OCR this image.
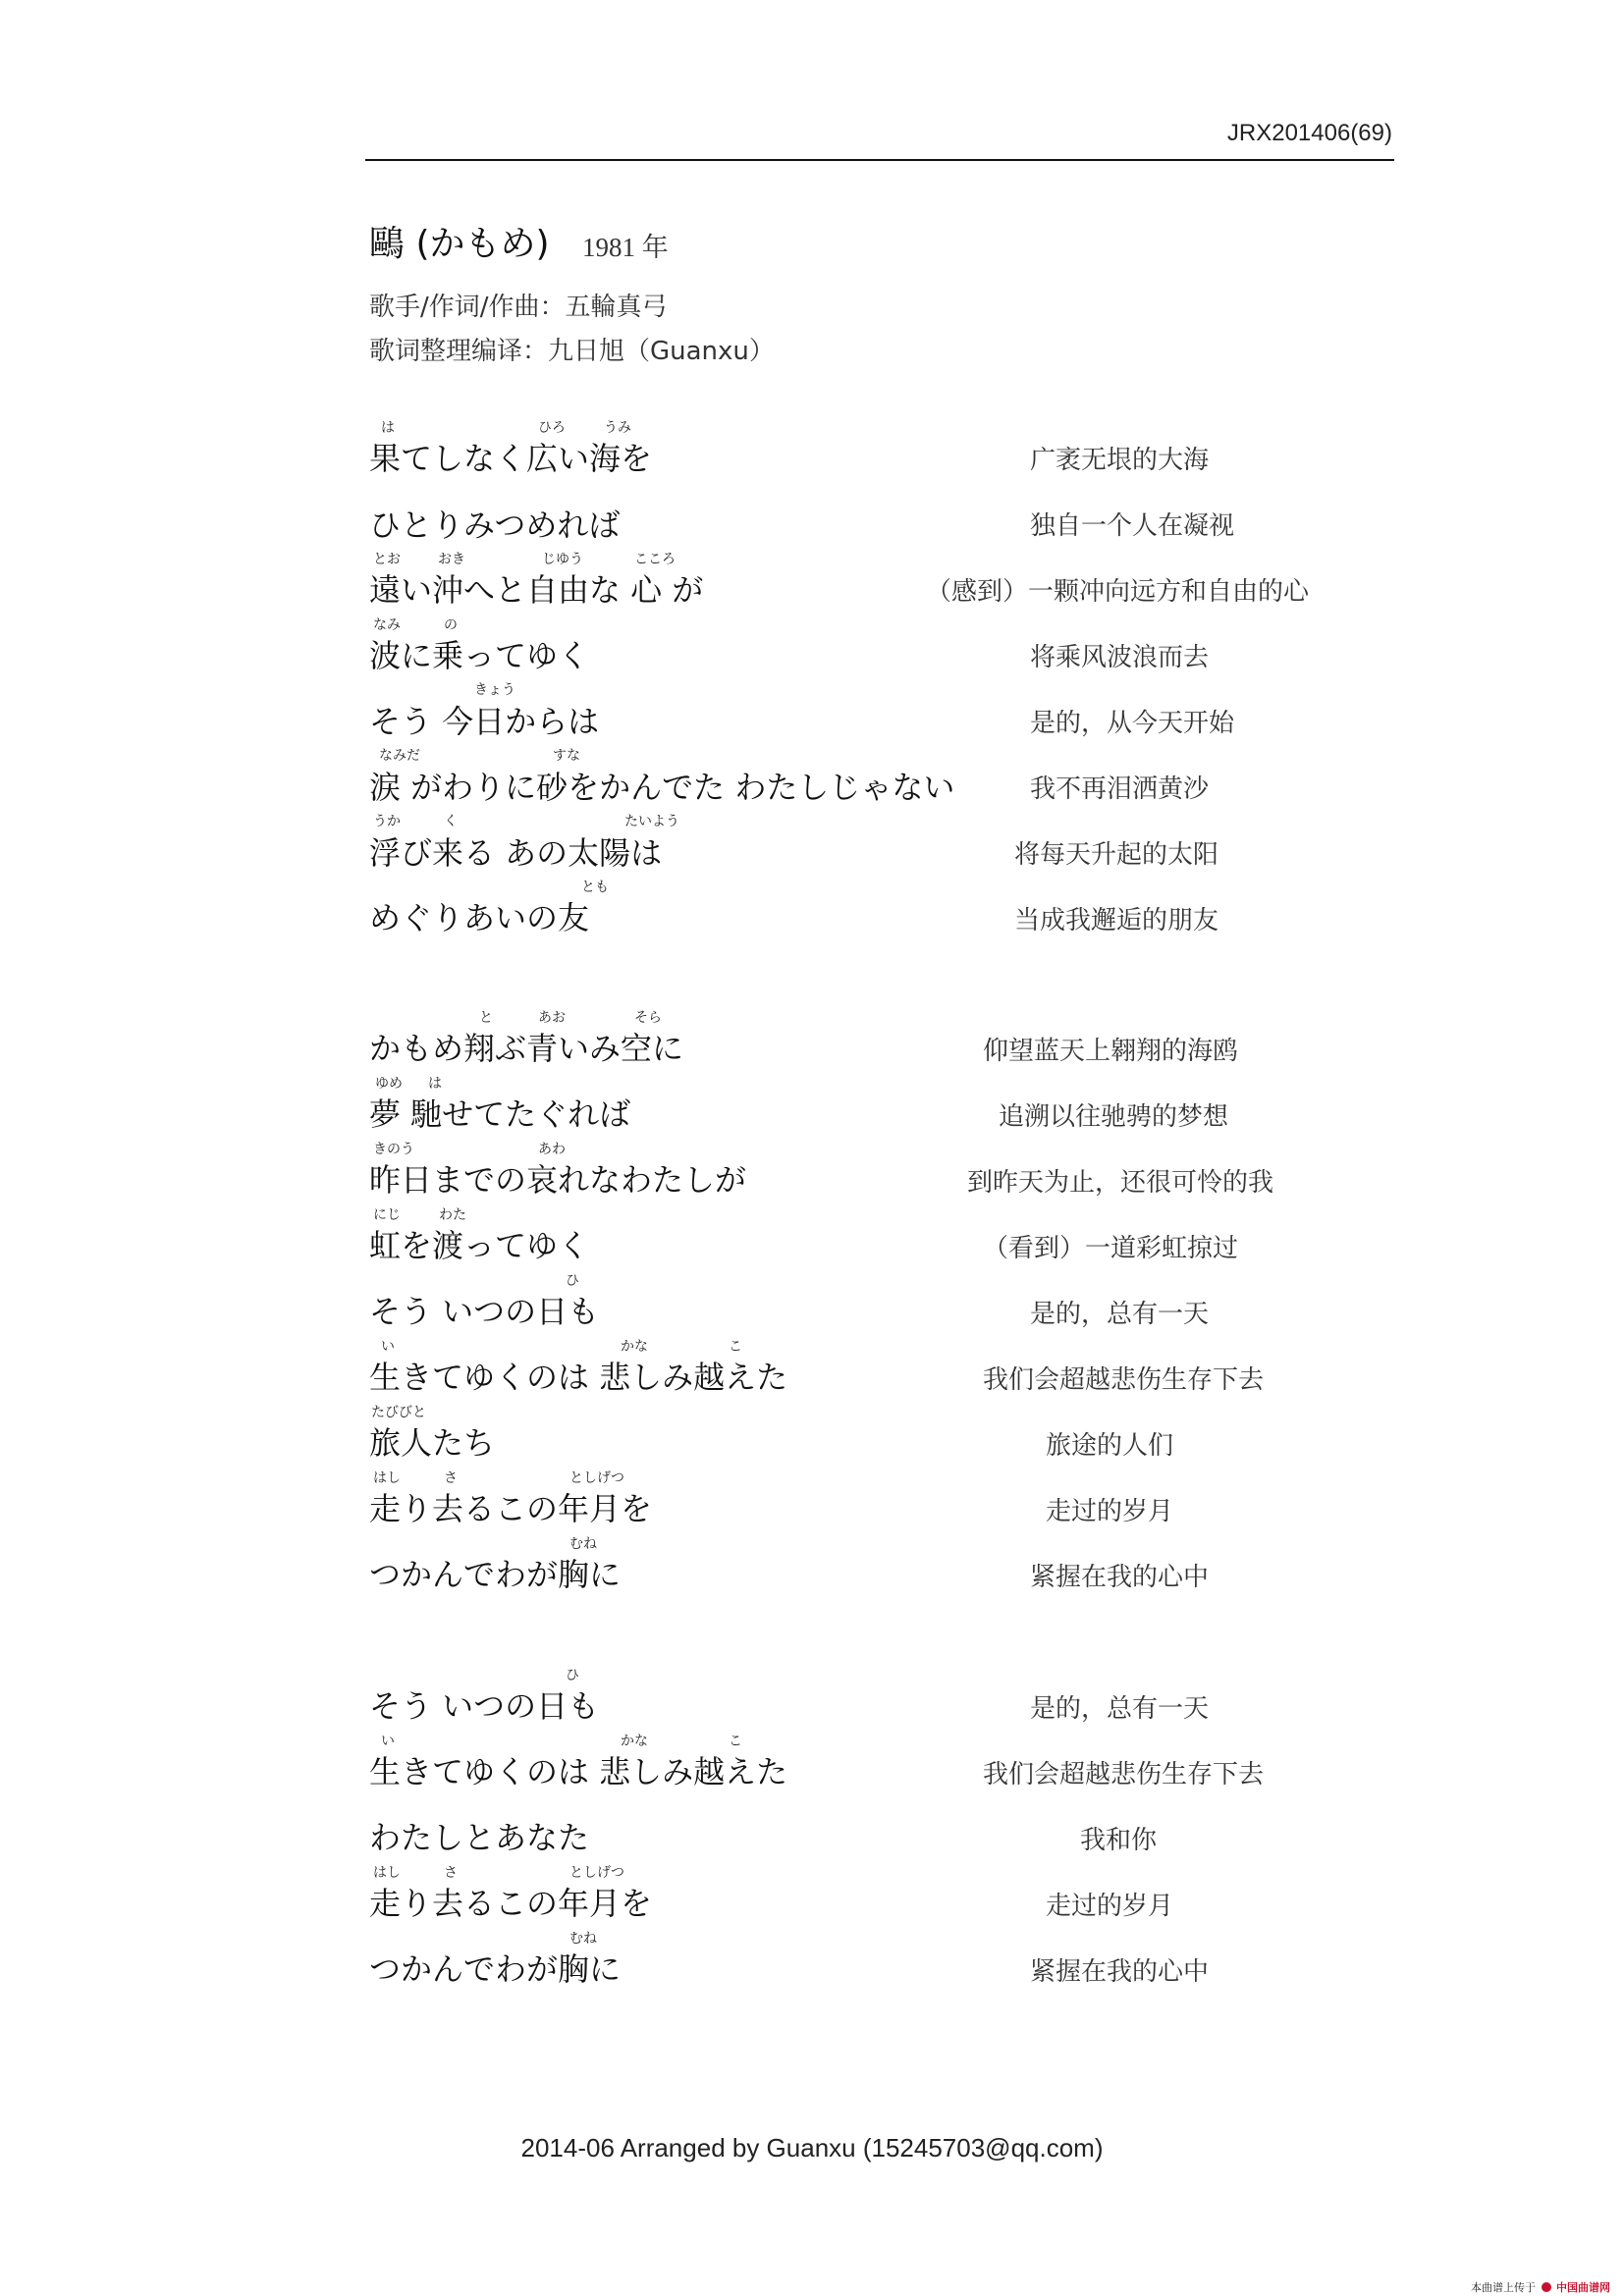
JRX201406(69)
鷗 (かもめ) 1981 年
歌手/作词/作曲：五輪真弓
歌词整理编译：九日旭（Guanxu）
果てしなく広い海を	广袤无垠的大海
は	ひろ	うみ
ひとりみつめれば	独自一个人在凝视
遠い沖へと自由な 心 が	（感到）一颗冲向远方和自由的心
とお	おき	じゆう	こころ
波に乗ってゆく	将乘风波浪而去
なみ	の
そう 今日からは	是的，从今天开始
きょう
涙 がわりに砂をかんでた わたしじゃない	我不再泪洒黄沙
なみだ	すな
浮び来る あの太陽は	将每天升起的太阳
うか	く	たいよう
めぐりあいの友	当成我邂逅的朋友
とも
かもめ翔ぶ青いみ空に	仰望蓝天上翱翔的海鸥
と	あお	そら
夢 馳せてたぐれば	追溯以往驰骋的梦想
ゆめ は
昨日までの哀れなわたしが	到昨天为止，还很可怜的我
きのう	あわ
虹を渡ってゆく	（看到）一道彩虹掠过
にじ	わた
そう いつの日も	是的，总有一天
ひ
生きてゆくのは 悲しみ越えた	我们会超越悲伤生存下去
い	かな	こ
旅人たち	旅途的人们
たびびと
走り去るこの年月を	走过的岁月
はし	さ	としげつ
つかんでわが胸に	紧握在我的心中
むね
そう いつの日も	是的，总有一天
ひ
生きてゆくのは 悲しみ越えた	我们会超越悲伤生存下去
い	かな	こ
わたしとあなた	我和你
走り去るこの年月を	走过的岁月
はし	さ	としげつ
つかんでわが胸に	紧握在我的心中
むね
2014-06 Arranged by Guanxu (15245703@qq.com)
本曲谱上传于 中国曲谱网
